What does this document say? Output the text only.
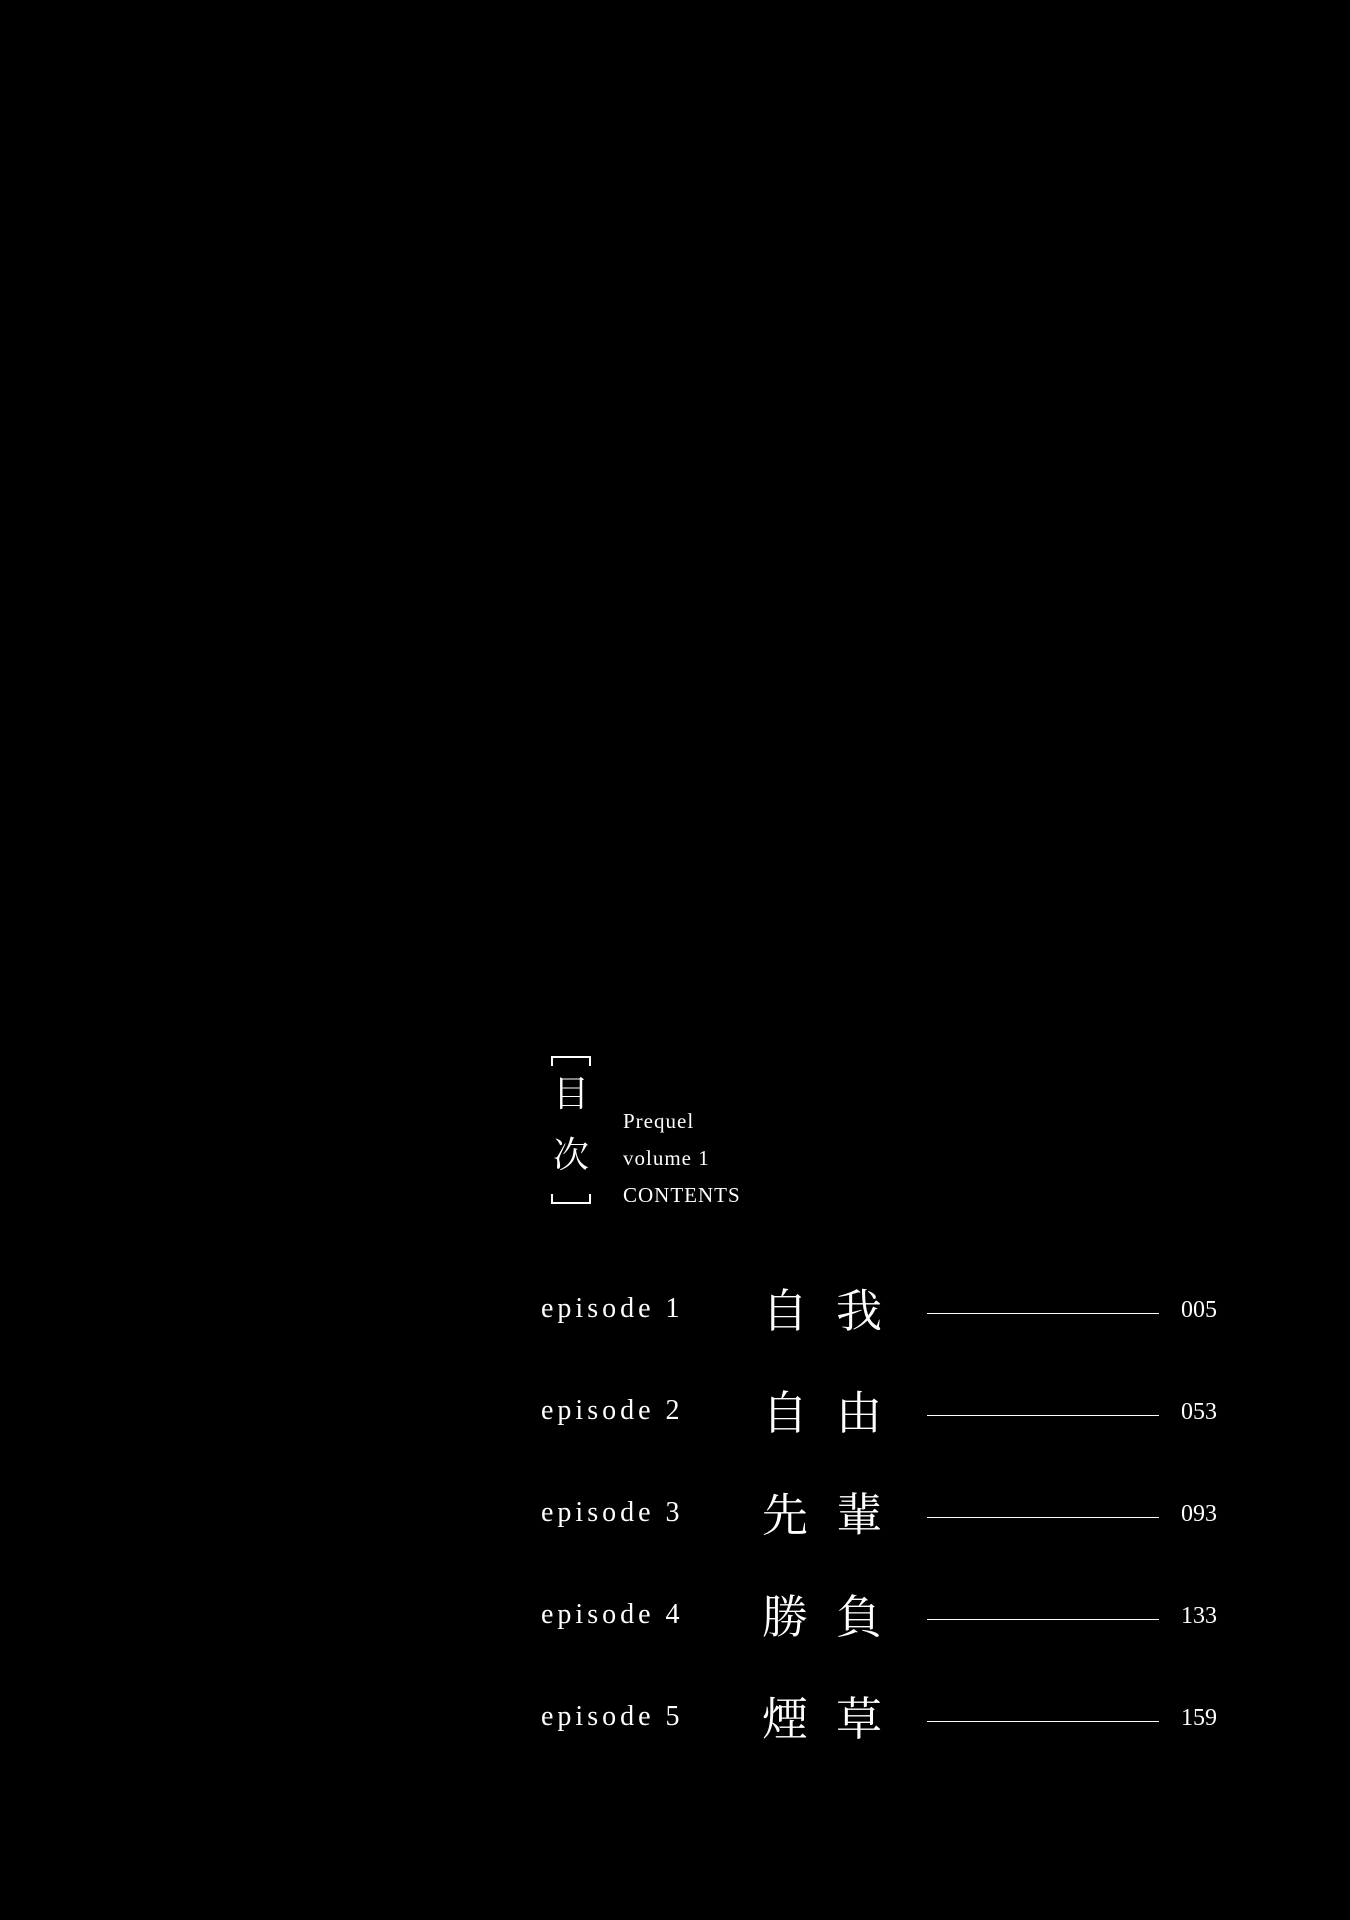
目
次
Prequel
volume 1
CONTENTS
episode 1 自我	005
episode 2 自由	053
episode 3 先輩	093
episode 4 勝負	133
episode 5 煙草	159
